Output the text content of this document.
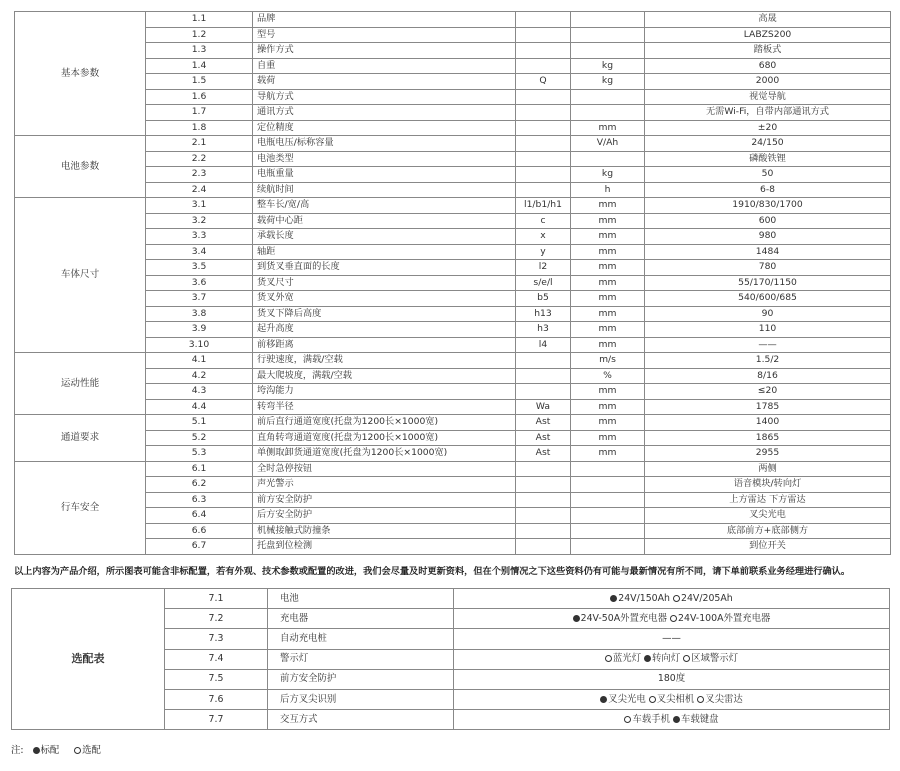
基本参数	1.1	品牌			高晟
	1.2	型号			LABZS200
	1.3	操作方式			踏板式
	1.4	自重		kg	680
	1.5	载荷	Q	kg	2000
	1.6	导航方式			视觉导航
	1.7	通讯方式			无需Wi-Fi，自带内部通讯方式
	1.8	定位精度		mm	±20
电池参数	2.1	电瓶电压/标称容量		V/Ah	24/150
	2.2	电池类型			磷酸铁锂
	2.3	电瓶重量		kg	50
	2.4	续航时间		h	6-8
车体尺寸	3.1	整车长/宽/高	l1/b1/h1	mm	1910/830/1700
	3.2	载荷中心距	c	mm	600
	3.3	承载长度	x	mm	980
	3.4	轴距	y	mm	1484
	3.5	到货叉垂直面的长度	l2	mm	780
	3.6	货叉尺寸	s/e/l	mm	55/170/1150
	3.7	货叉外宽	b5	mm	540/600/685
	3.8	货叉下降后高度	h13	mm	90
	3.9	起升高度	h3	mm	110
	3.10	前移距离	l4	mm	——
运动性能	4.1	行驶速度，满载/空载		m/s	1.5/2
	4.2	最大爬坡度，满载/空载		%	8/16
	4.3	垮沟能力		mm	≤20
	4.4	转弯半径	Wa	mm	1785
通道要求	5.1	前后直行通道宽度(托盘为1200长×1000宽)	Ast	mm	1400
	5.2	直角转弯通道宽度(托盘为1200长×1000宽)	Ast	mm	1865
	5.3	单侧取卸货通道宽度(托盘为1200长×1000宽)	Ast	mm	2955
行车安全	6.1	全时急停按钮			两侧
	6.2	声光警示			语音模块/转向灯
	6.3	前方安全防护			上方雷达 下方雷达
	6.4	后方安全防护			叉尖光电
	6.6	机械接触式防撞条			底部前方+底部侧方
	6.7	托盘到位检测			到位开关
以上内容为产品介绍，所示图表可能含非标配置，若有外观、技术参数或配置的改进，我们会尽量及时更新资料，但在个别情况之下这些资料仍有可能与最新情况有所不同，请下单前联系业务经理进行确认。
选配表	7.1	电池	24V/150Ah 24V/205Ah
	7.2	充电器	24V-50A外置充电器 24V-100A外置充电器
	7.3	自动充电桩	——
	7.4	警示灯	蓝光灯 转向灯 区域警示灯
	7.5	前方安全防护	180度
	7.6	后方叉尖识别	叉尖光电 叉尖相机 叉尖雷达
	7.7	交互方式	车载手机 车载键盘
注: 标配 选配
